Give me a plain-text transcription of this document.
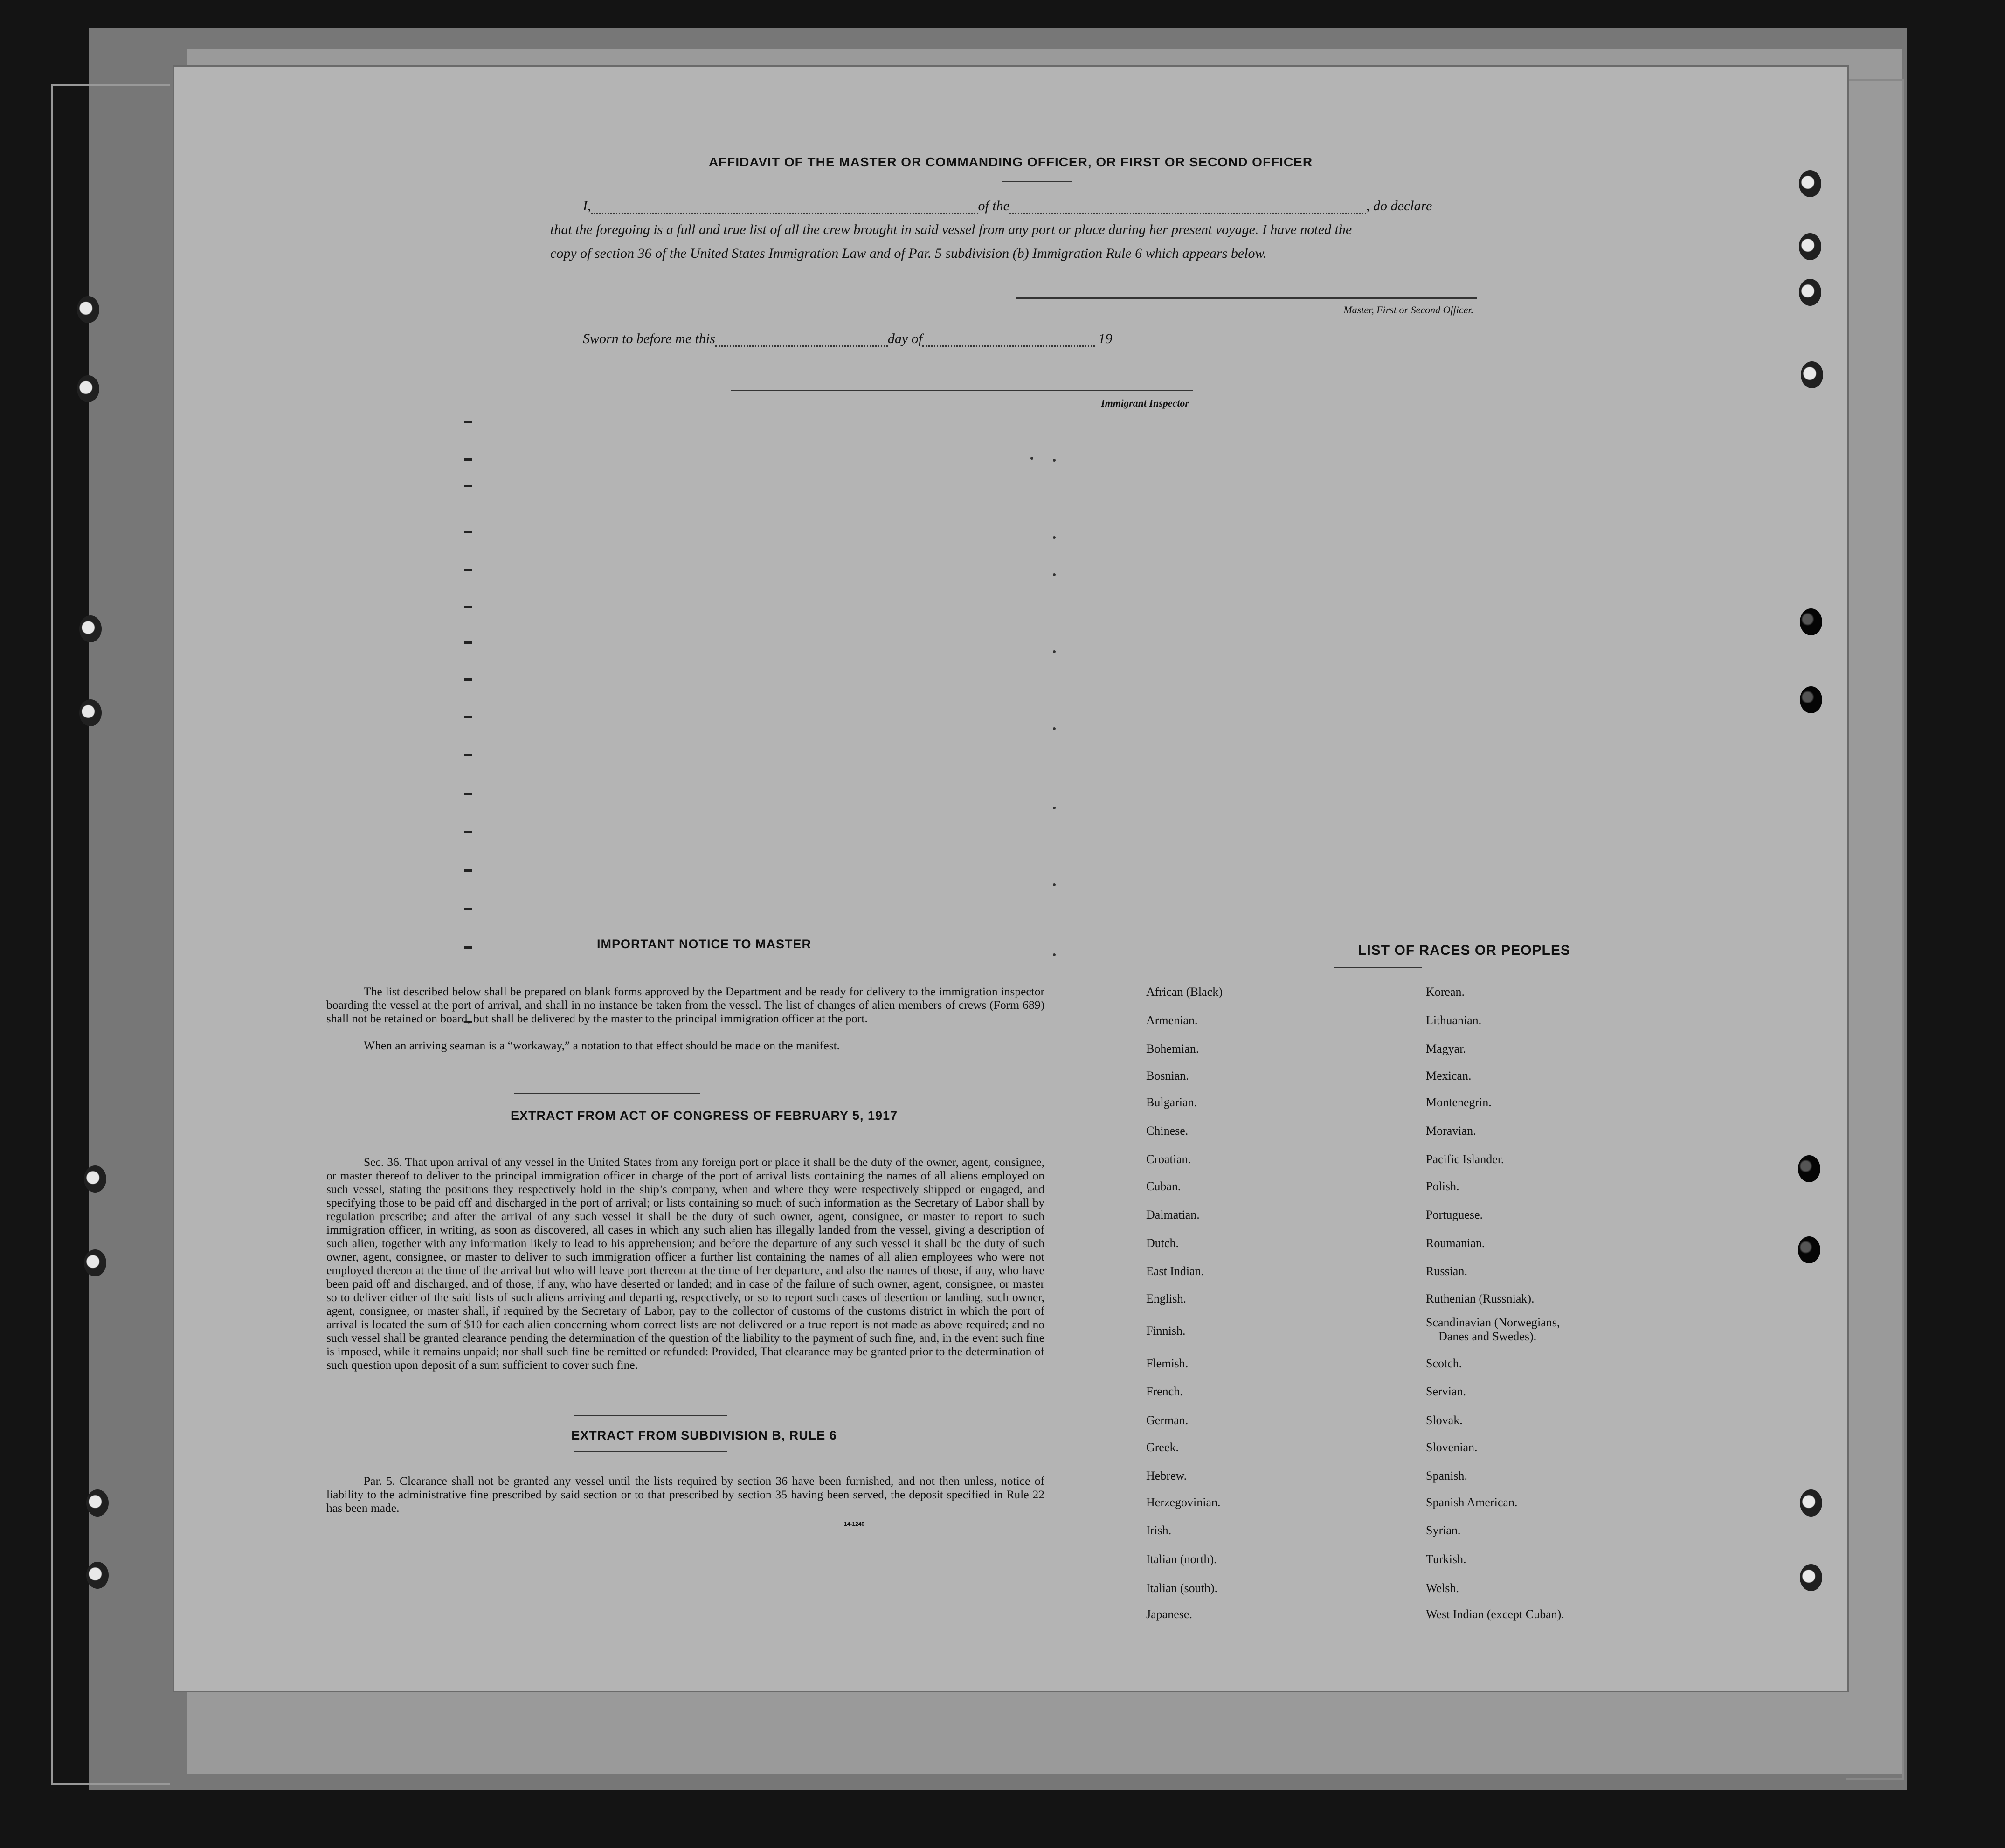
AFFIDAVIT OF THE MASTER OR COMMANDING OFFICER, OR FIRST OR SECOND OFFICER
I,	of the	, do declare
that the foregoing is a full and true list of all the crew brought in said vessel from any port or place during her present voyage. I have noted the
copy of section 36 of the United States Immigration Law and of Par. 5 subdivision (b) Immigration Rule 6 which appears below.
Master, First or Second Officer.
Sworn to before me this	day of	19
Immigrant Inspector
IMPORTANT NOTICE TO MASTER
The list described below shall be prepared on blank forms approved by the Department and be ready for delivery to the immigration inspector boarding the vessel at the port of arrival, and shall in no instance be taken from the vessel. The list of changes of alien members of crews (Form 689) shall not be retained on board, but shall be delivered by the master to the principal immigration officer at the port.
When an arriving seaman is a “workaway,” a notation to that effect should be made on the manifest.
EXTRACT FROM ACT OF CONGRESS OF FEBRUARY 5, 1917
Sec. 36. That upon arrival of any vessel in the United States from any foreign port or place it shall be the duty of the owner, agent, consignee, or master thereof to deliver to the principal immigration officer in charge of the port of arrival lists containing the names of all aliens employed on such vessel, stating the positions they respectively hold in the ship’s company, when and where they were respectively shipped or engaged, and specifying those to be paid off and discharged in the port of arrival; or lists containing so much of such information as the Secretary of Labor shall by regulation prescribe; and after the arrival of any such vessel it shall be the duty of such owner, agent, consignee, or master to report to such immigration officer, in writing, as soon as discovered, all cases in which any such alien has illegally landed from the vessel, giving a description of such alien, together with any information likely to lead to his apprehension; and before the departure of any such vessel it shall be the duty of such owner, agent, consignee, or master to deliver to such immigration officer a further list containing the names of all alien employees who were not employed thereon at the time of the arrival but who will leave port thereon at the time of her departure, and also the names of those, if any, who have been paid off and discharged, and of those, if any, who have deserted or landed; and in case of the failure of such owner, agent, consignee, or master so to deliver either of the said lists of such aliens arriving and departing, respectively, or so to report such cases of desertion or landing, such owner, agent, consignee, or master shall, if required by the Secretary of Labor, pay to the collector of customs of the customs district in which the port of arrival is located the sum of $10 for each alien concerning whom correct lists are not delivered or a true report is not made as above required; and no such vessel shall be granted clearance pending the determination of the question of the liability to the payment of such fine, and, in the event such fine is imposed, while it remains unpaid; nor shall such fine be remitted or refunded: Provided, That clearance may be granted prior to the determination of such question upon deposit of a sum sufficient to cover such fine.
EXTRACT FROM SUBDIVISION B, RULE 6
Par. 5. Clearance shall not be granted any vessel until the lists required by section 36 have been furnished, and not then unless, notice of liability to the administrative fine prescribed by said section or to that prescribed by section 35 having been served, the deposit specified in Rule 22 has been made.
14-1240
LIST OF RACES OR PEOPLES
African (Black)
Armenian.
Bohemian.
Bosnian.
Bulgarian.
Chinese.
Croatian.
Cuban.
Dalmatian.
Dutch.
East Indian.
English.
Finnish.
Flemish.
French.
German.
Greek.
Hebrew.
Herzegovinian.
Irish.
Italian (north).
Italian (south).
Japanese.
Korean.
Lithuanian.
Magyar.
Mexican.
Montenegrin.
Moravian.
Pacific Islander.
Polish.
Portuguese.
Roumanian.
Russian.
Ruthenian (Russniak).
Scandinavian (Norwegians,
Danes and Swedes).
Scotch.
Servian.
Slovak.
Slovenian.
Spanish.
Spanish American.
Syrian.
Turkish.
Welsh.
West Indian (except Cuban).
